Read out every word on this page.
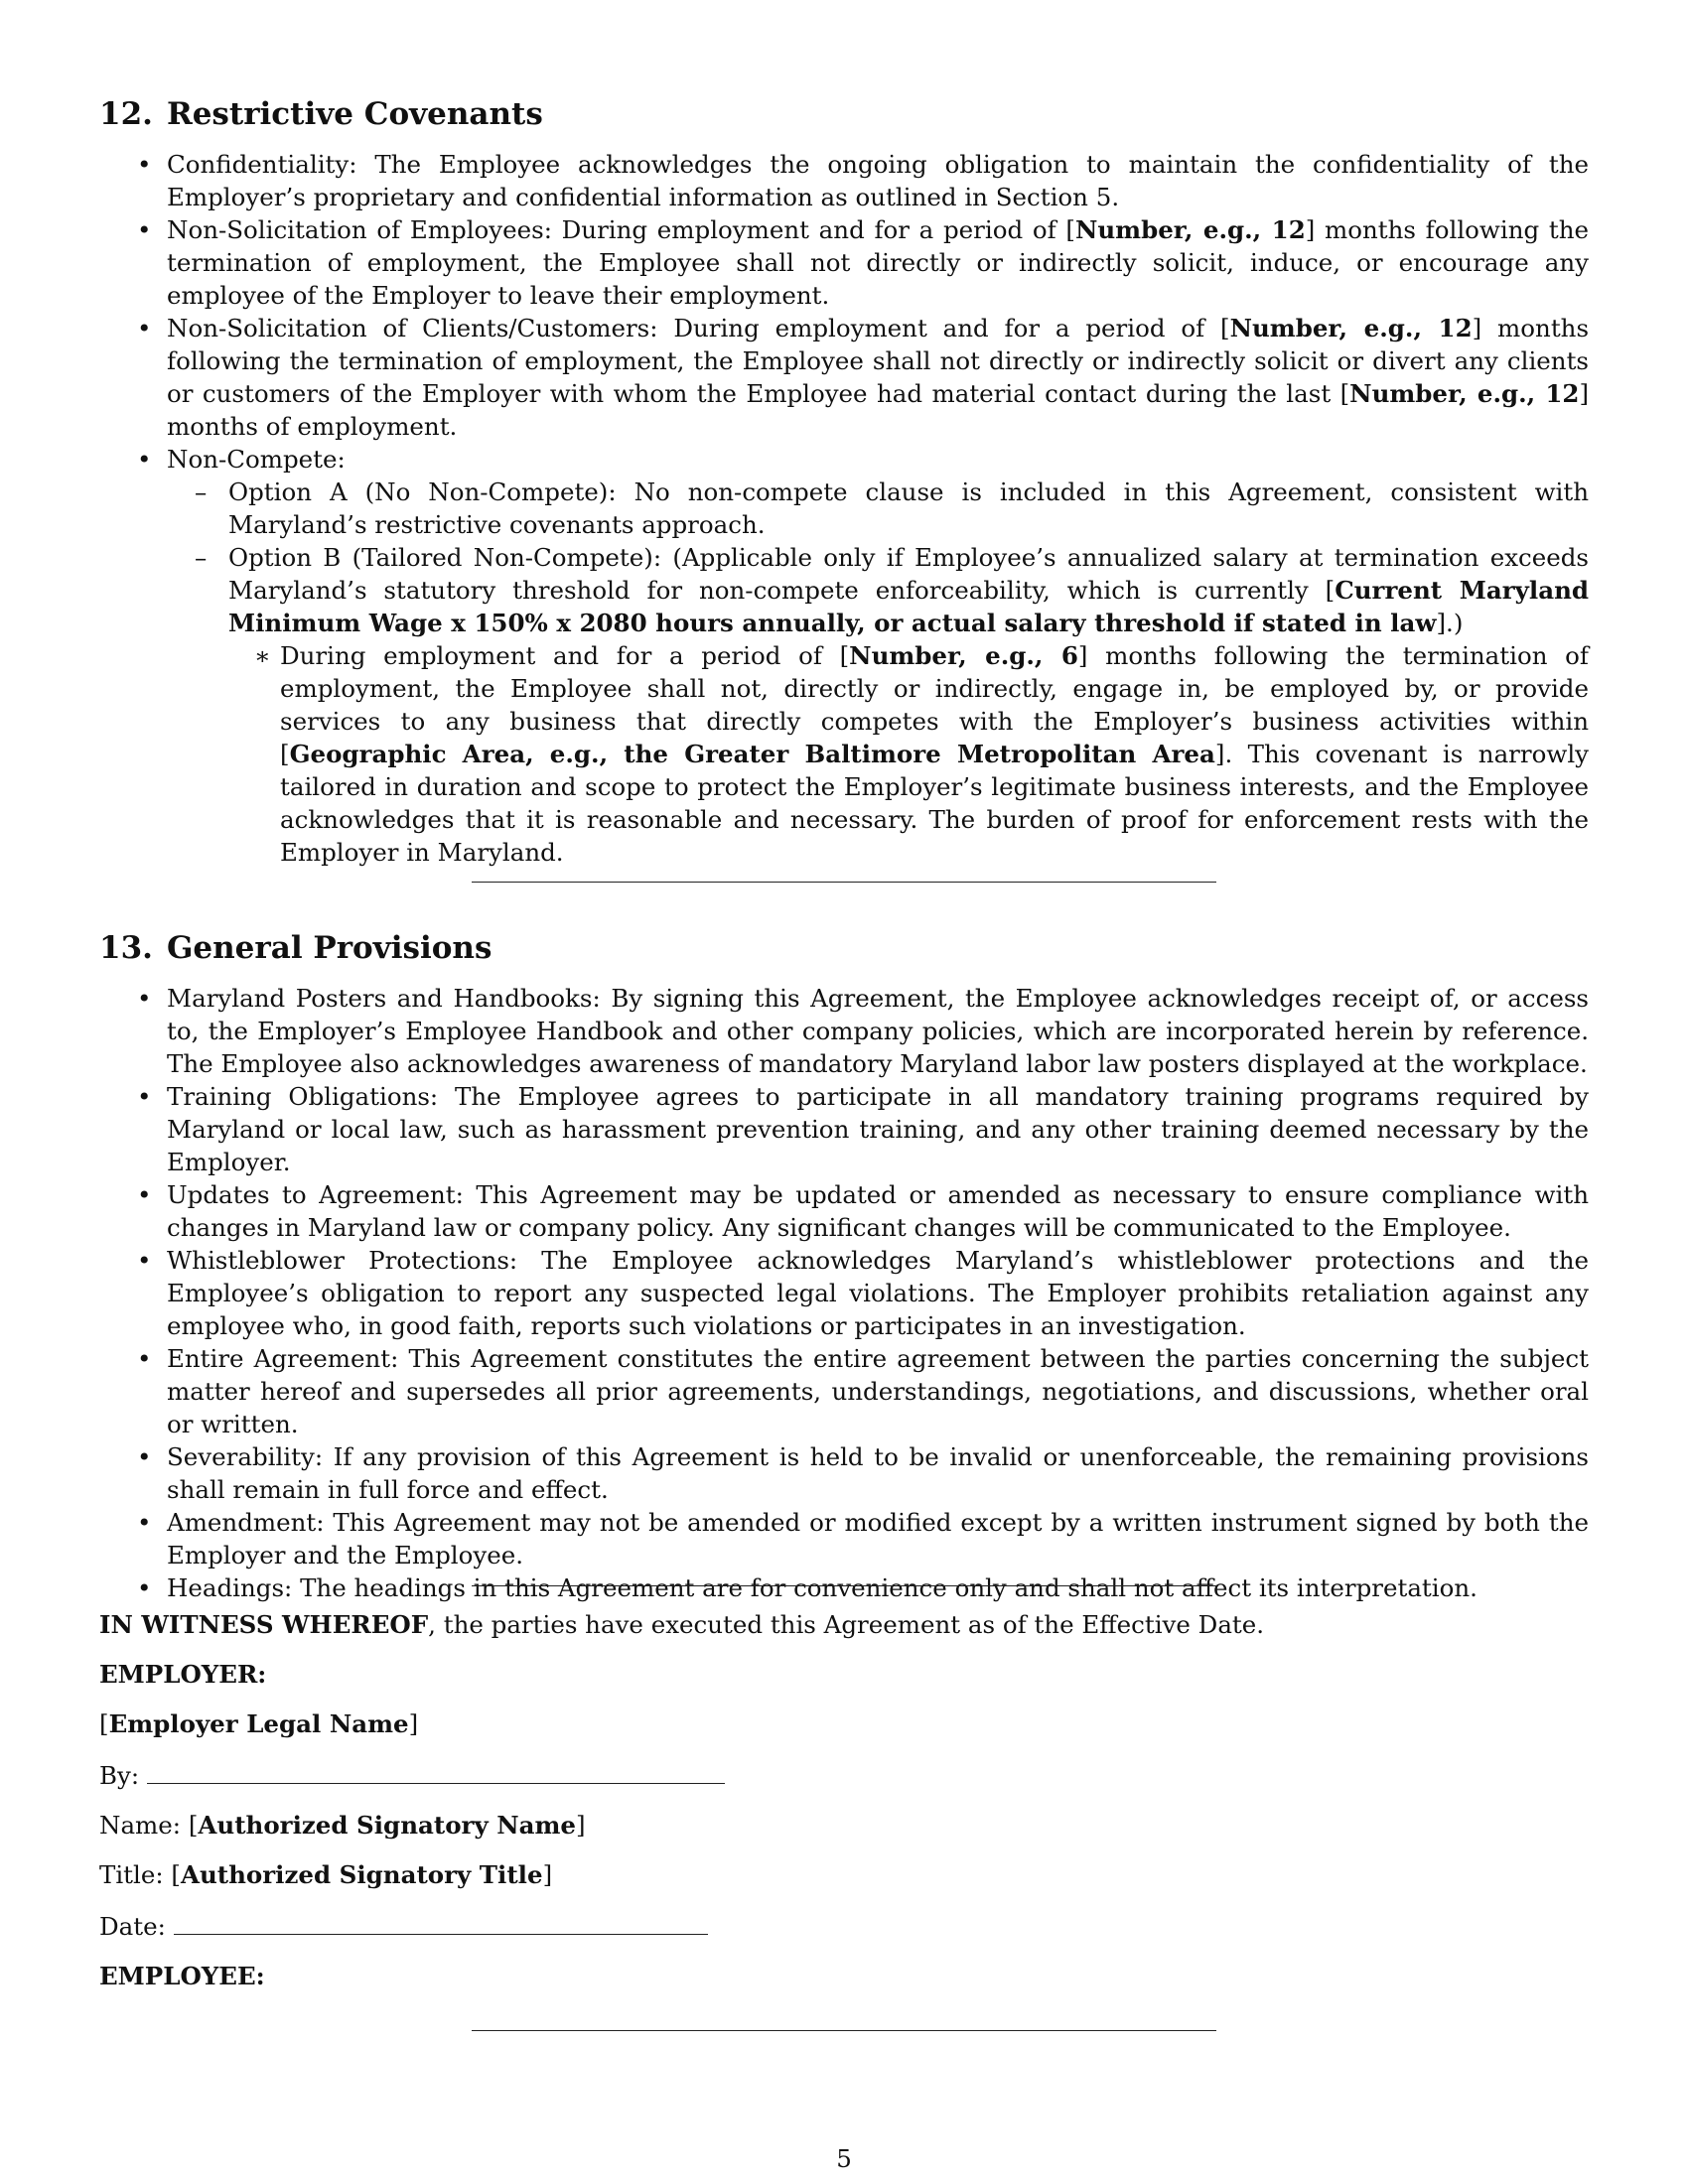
12. Restrictive Covenants
• Confidentiality: The Employee acknowledges the ongoing obligation to maintain the confidentiality of the Employer’s proprietary and confidential information as outlined in Section 5.
• Non-Solicitation of Employees: During employment and for a period of [Number, e.g., 12] months following the termination of employment, the Employee shall not directly or indirectly solicit, induce, or encourage any employee of the Employer to leave their employment.
• Non-Solicitation of Clients/Customers: During employment and for a period of [Number, e.g., 12] months following the termination of employment, the Employee shall not directly or indirectly solicit or divert any clients or customers of the Employer with whom the Employee had material contact during the last [Number, e.g., 12] months of employment.
• Non-Compete:
– Option A (No Non-Compete): No non-compete clause is included in this Agreement, consistent with Maryland’s restrictive covenants approach.
– Option B (Tailored Non-Compete): (Applicable only if Employee’s annualized salary at termination exceeds Maryland’s statutory threshold for non-compete enforceability, which is currently [Current Maryland Minimum Wage x 150% x 2080 hours annually, or actual salary threshold if stated in law].)
∗ During employment and for a period of [Number, e.g., 6] months following the termination of employment, the Employee shall not, directly or indirectly, engage in, be employed by, or provide services to any business that directly competes with the Employer’s business activities within [Geographic Area, e.g., the Greater Baltimore Metropolitan Area]. This covenant is narrowly tailored in duration and scope to protect the Employer’s legitimate business interests, and the Employee acknowledges that it is reasonable and necessary. The burden of proof for enforcement rests with the Employer in Maryland.
13. General Provisions
• Maryland Posters and Handbooks: By signing this Agreement, the Employee acknowledges receipt of, or access to, the Employer’s Employee Handbook and other company policies, which are incorporated herein by reference. The Employee also acknowledges awareness of mandatory Maryland labor law posters displayed at the workplace.
• Training Obligations: The Employee agrees to participate in all mandatory training programs required by Maryland or local law, such as harassment prevention training, and any other training deemed necessary by the Employer.
• Updates to Agreement: This Agreement may be updated or amended as necessary to ensure compliance with changes in Maryland law or company policy. Any significant changes will be communicated to the Employee.
• Whistleblower Protections: The Employee acknowledges Maryland’s whistleblower protections and the Employee’s obligation to report any suspected legal violations. The Employer prohibits retaliation against any employee who, in good faith, reports such violations or participates in an investigation.
• Entire Agreement: This Agreement constitutes the entire agreement between the parties concerning the subject matter hereof and supersedes all prior agreements, understandings, negotiations, and discussions, whether oral or written.
• Severability: If any provision of this Agreement is held to be invalid or unenforceable, the remaining provisions shall remain in full force and effect.
• Amendment: This Agreement may not be amended or modified except by a written instrument signed by both the Employer and the Employee.
• Headings: The headings in this Agreement are for convenience only and shall not affect its interpretation.

IN WITNESS WHEREOF, the parties have executed this Agreement as of the Effective Date.

EMPLOYER:

[Employer Legal Name]

By:

Name: [Authorized Signatory Name]

Title: [Authorized Signatory Title]

Date:

EMPLOYEE:

5
